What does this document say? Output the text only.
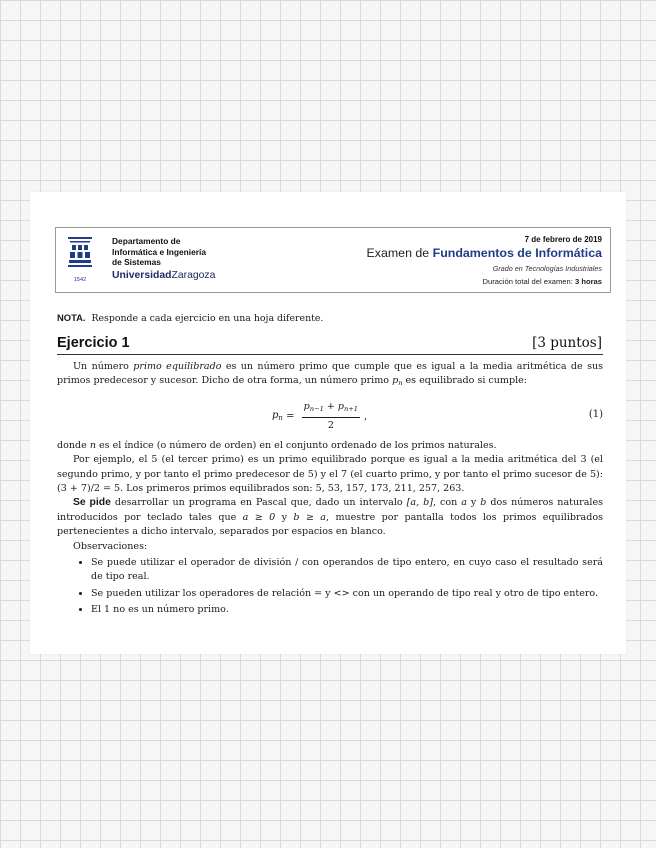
1542
Departamento de
Informática e Ingeniería
de Sistemas
UniversidadZaragoza
7 de febrero de 2019
Examen de Fundamentos de Informática
Grado en Tecnologías Industriales
Duración total del examen: 3 horas
NOTA. Responde a cada ejercicio en una hoja diferente.
Ejercicio 1	[3 puntos]

Un número primo equilibrado es un número primo que cumple que es igual a la media aritmética de sus primos predecesor y sucesor. Dicho de otra forma, un número primo $p_n$ es equilibrado si cumple:

$p_n = \frac{p_{n-1} + p_{n+1}}{2}$ ,	(1)

donde n es el índice (o número de orden) en el conjunto ordenado de los primos naturales.

Por ejemplo, el 5 (el tercer primo) es un primo equilibrado porque es igual a la media aritmética del 3 (el segundo primo, y por tanto el primo predecesor de 5) y el 7 (el cuarto primo, y por tanto el primo sucesor de 5): (3 + 7)/2 = 5. Los primeros primos equilibrados son: 5, 53, 157, 173, 211, 257, 263.

Se pide desarrollar un programa en Pascal que, dado un intervalo [a, b], con a y b dos números naturales introducidos por teclado tales que a ≥ 0 y b ≥ a, muestre por pantalla todos los primos equilibrados pertenecientes a dicho intervalo, separados por espacios en blanco.

Observaciones:

• Se puede utilizar el operador de división / con operandos de tipo entero, en cuyo caso el resultado será de tipo real.
• Se pueden utilizar los operadores de relación = y <> con un operando de tipo real y otro de tipo entero.
• El 1 no es un número primo.
